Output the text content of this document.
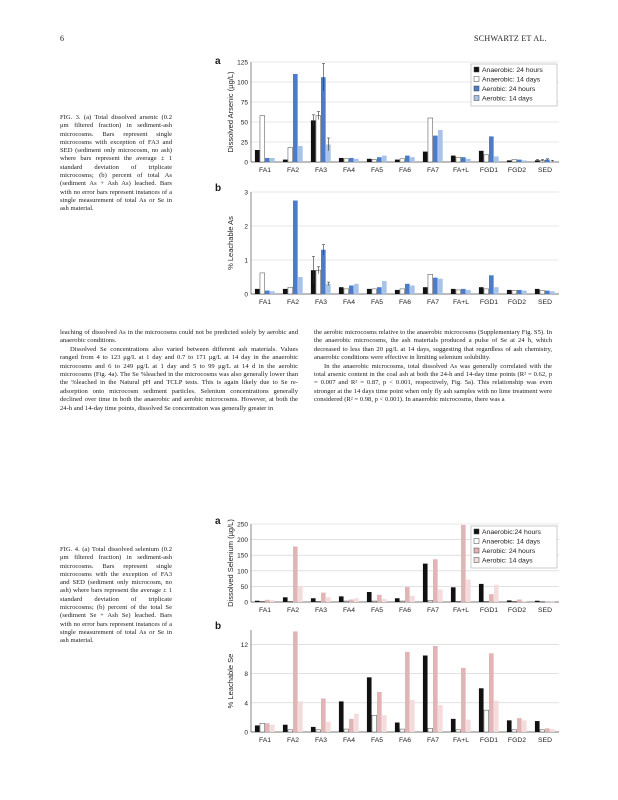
6	SCHWARTZ ET AL.
FIG. 3. (a) Total dissolved arsenic (0.2 μm filtered fraction) in sediment-ash microcosms. Bars represent single microcosms with exception of FA3 and SED (sediment only microcosm, no ash) where bars represent the average ± 1 standard deviation of triplicate microcosms; (b) percent of total As (sediment As + Ash As) leached. Bars with no error bars represent instances of a single measurement of total As or Se in ash material.
a
Dissolved Arsenic (µg/L)
0
25
50
75
100
125
FA1 FA2 FA3 FA4 FA5 FA6 FA7 FA+L FGD1 FGD2 SED
Anaerobic: 24 hours
Anaerobic: 14 days
Aerobic: 24 hours
Aerobic: 14 days
b
% Leachable As
0
1
2
3
FA1 FA2 FA3 FA4 FA5 FA6 FA7 FA+L FGD1 FGD2 SED

leaching of dissolved As in the microcosms could not be predicted solely by aerobic and anaerobic conditions.

Dissolved Se concentrations also varied between different ash materials. Values ranged from 4 to 123 μg/L at 1 day and 0.7 to 171 μg/L at 14 day in the anaerobic microcosms and 6 to 249 μg/L at 1 day and 5 to 99 μg/L at 14 d in the aerobic microcosms (Fig. 4a). The Se %leached in the microcosms was also generally lower than the %leached in the Natural pH and TCLP tests. This is again likely due to Se re-adsorption onto microcosm sediment particles. Selenium concentrations generally declined over time in both the anaerobic and aerobic microcosms. However, at both the 24-h and 14-day time points, dissolved Se concentration was generally greater in

the aerobic microcosms relative to the anaerobic microcosms (Supplementary Fig. S5). In the anaerobic microcosms, the ash materials produced a pulse of Se at 24 h, which decreased to less than 20 μg/L at 14 days, suggesting that regardless of ash chemistry, anaerobic conditions were effective in limiting selenium solubility.

In the anaerobic microcosms, total dissolved As was generally correlated with the total arsenic content in the coal ash at both the 24-h and 14-day time points (R² = 0.62, p = 0.007 and R² = 0.87, p < 0.001, respectively, Fig. 5a). This relationship was even stronger at the 14 days time point when only fly ash samples with no lime treatment were considered (R² = 0.98, p < 0.001). In anaerobic microcosms, there was a

FIG. 4. (a) Total dissolved selenium (0.2 μm filtered fraction) in sediment-ash microcosms. Bars represent single microcosms with the exception of FA3 and SED (sediment only microcosm, no ash) where bars represent the average ± 1 standard deviation of triplicate microcosms; (b) percent of the total Se (sediment Se + Ash Se) leached. Bars with no error bars represent instances of a single measurement of total As or Se in ash material.
a Dissolved Selenium (µg/L) 0
50
100
150
200
250
FA1 FA2 FA3 FA4 FA5 FA6 FA7 FA+L FGD1 FGD2 SED
Anaerobic:24 hours
Anaerobic: 14 days
Aerobic: 24 hours
Aerobic: 14 days
b
% Leachable Se
0
4
8
12
FA1 FA2 FA3 FA4 FA5 FA6 FA7 FA+L FGD1 FGD2 SED
